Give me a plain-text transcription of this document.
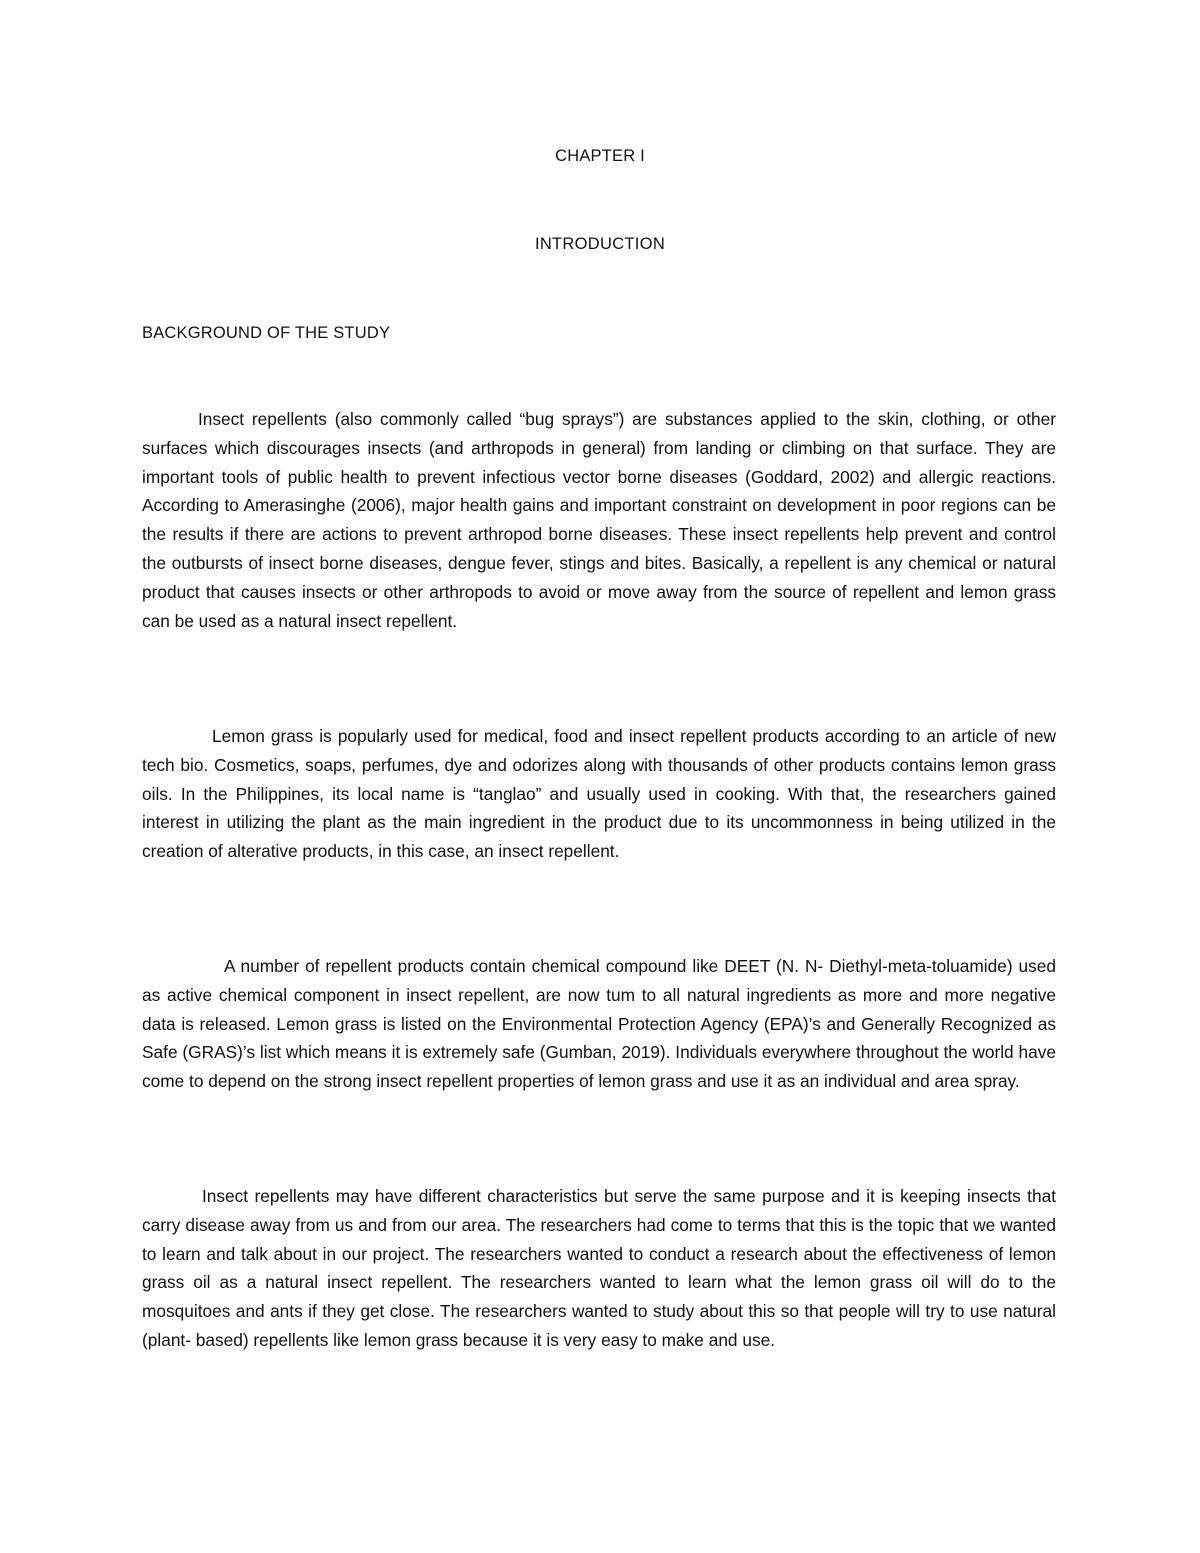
CHAPTER I
INTRODUCTION
BACKGROUND OF THE STUDY

Insect repellents (also commonly called “bug sprays”) are substances applied to the skin, clothing, or other surfaces which discourages insects (and arthropods in general) from landing or climbing on that surface. They are important tools of public health to prevent infectious vector borne diseases (Goddard, 2002) and allergic reactions. According to Amerasinghe (2006), major health gains and important constraint on development in poor regions can be the results if there are actions to prevent arthropod borne diseases. These insect repellents help prevent and control the outbursts of insect borne diseases, dengue fever, stings and bites. Basically, a repellent is any chemical or natural product that causes insects or other arthropods to avoid or move away from the source of repellent and lemon grass can be used as a natural insect repellent.

Lemon grass is popularly used for medical, food and insect repellent products according to an article of new tech bio. Cosmetics, soaps, perfumes, dye and odorizes along with thousands of other products contains lemon grass oils. In the Philippines, its local name is “tanglao” and usually used in cooking. With that, the researchers gained interest in utilizing the plant as the main ingredient in the product due to its uncommonness in being utilized in the creation of alterative products, in this case, an insect repellent.

A number of repellent products contain chemical compound like DEET (N. N- Diethyl-meta-toluamide) used as active chemical component in insect repellent, are now tum to all natural ingredients as more and more negative data is released. Lemon grass is listed on the Environmental Protection Agency (EPA)’s and Generally Recognized as Safe (GRAS)’s list which means it is extremely safe (Gumban, 2019). Individuals everywhere throughout the world have come to depend on the strong insect repellent properties of lemon grass and use it as an individual and area spray.

Insect repellents may have different characteristics but serve the same purpose and it is keeping insects that carry disease away from us and from our area. The researchers had come to terms that this is the topic that we wanted to learn and talk about in our project. The researchers wanted to conduct a research about the effectiveness of lemon grass oil as a natural insect repellent. The researchers wanted to learn what the lemon grass oil will do to the mosquitoes and ants if they get close. The researchers wanted to study about this so that people will try to use natural (plant- based) repellents like lemon grass because it is very easy to make and use.
